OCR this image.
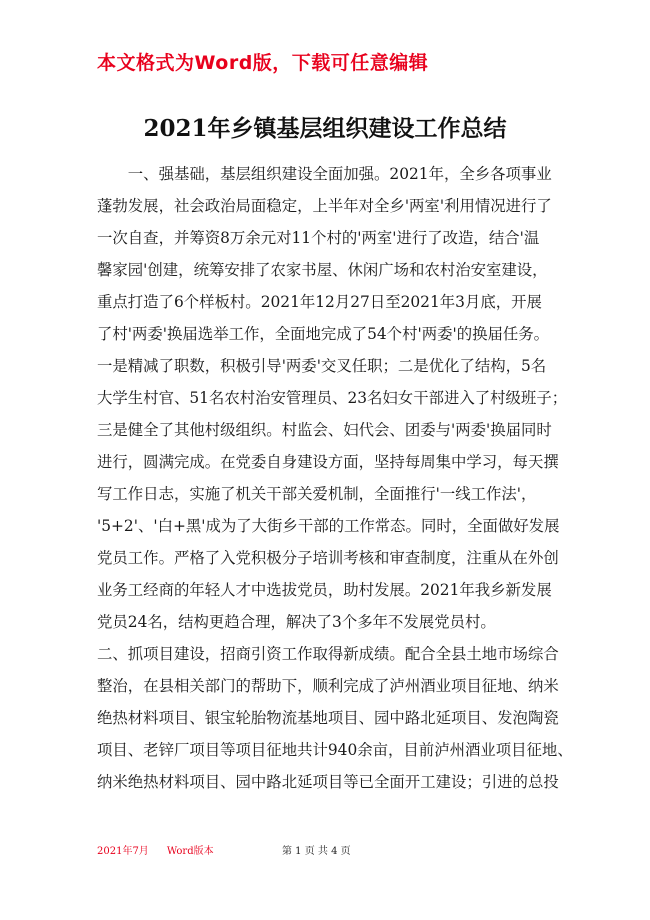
本文格式为Word版，下载可任意编辑
2021年乡镇基层组织建设工作总结
　　一、强基础，基层组织建设全面加强。2021年，全乡各项事业
蓬勃发展，社会政治局面稳定，上半年对全乡'两室'利用情况进行了
一次自查，并筹资8万余元对11个村的'两室'进行了改造，结合'温
馨家园'创建，统筹安排了农家书屋、休闲广场和农村治安室建设，
重点打造了6个样板村。2021年12月27日至2021年3月底，开展
了村'两委'换届选举工作，全面地完成了54个村'两委'的换届任务。
一是精减了职数，积极引导'两委'交叉任职；二是优化了结构，5名
大学生村官、51名农村治安管理员、23名妇女干部进入了村级班子；
三是健全了其他村级组织。村监会、妇代会、团委与'两委'换届同时
进行，圆满完成。在党委自身建设方面，坚持每周集中学习，每天撰
写工作日志，实施了机关干部关爱机制，全面推行'一线工作法'，
'5+2'、'白+黑'成为了大街乡干部的工作常态。同时，全面做好发展
党员工作。严格了入党积极分子培训考核和审查制度，注重从在外创
业务工经商的年轻人才中选拔党员，助村发展。2021年我乡新发展
党员24名，结构更趋合理，解决了3个多年不发展党员村。
二、抓项目建设，招商引资工作取得新成绩。配合全县土地市场综合
整治，在县相关部门的帮助下，顺利完成了泸州酒业项目征地、纳米
绝热材料项目、银宝轮胎物流基地项目、园中路北延项目、发泡陶瓷
项目、老锌厂项目等项目征地共计940余亩，目前泸州酒业项目征地、
纳米绝热材料项目、园中路北延项目等已全面开工建设；引进的总投
2021年7月 Word版本	第 1 页 共 4 页
